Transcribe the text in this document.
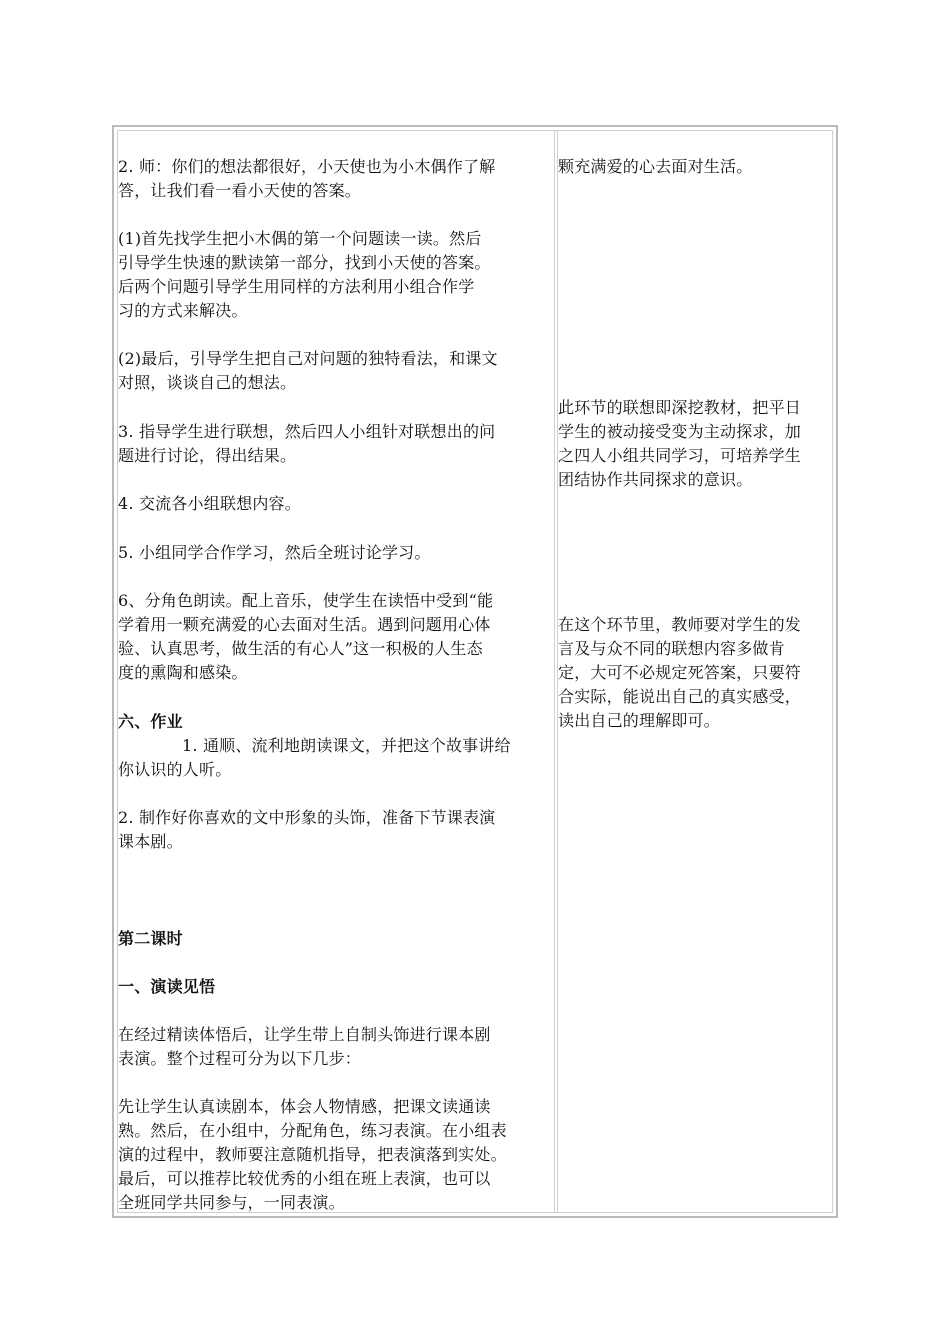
2. 师：你们的想法都很好，小天使也为小木偶作了解

答，让我们看一看小天使的答案。

(1)首先找学生把小木偶的第一个问题读一读。然后

引导学生快速的默读第一部分，找到小天使的答案。

后两个问题引导学生用同样的方法利用小组合作学

习的方式来解决。

(2)最后，引导学生把自己对问题的独特看法，和课文

对照，谈谈自己的想法。

3. 指导学生进行联想，然后四人小组针对联想出的问

题进行讨论，得出结果。

4. 交流各小组联想内容。

5. 小组同学合作学习，然后全班讨论学习。

6、分角色朗读。配上音乐，使学生在读悟中受到“能

学着用一颗充满爱的心去面对生活。遇到问题用心体

验、认真思考，做生活的有心人”这一积极的人生态

度的熏陶和感染。

六、作业

1. 通顺、流利地朗读课文，并把这个故事讲给

你认识的人听。

2. 制作好你喜欢的文中形象的头饰，准备下节课表演

课本剧。

第二课时

一、演读见悟

在经过精读体悟后，让学生带上自制头饰进行课本剧

表演。整个过程可分为以下几步：

先让学生认真读剧本，体会人物情感，把课文读通读

熟。然后，在小组中，分配角色，练习表演。在小组表

演的过程中，教师要注意随机指导，把表演落到实处。

最后，可以推荐比较优秀的小组在班上表演，也可以

全班同学共同参与，一同表演。

颗充满爱的心去面对生活。

此环节的联想即深挖教材，把平日

学生的被动接受变为主动探求，加

之四人小组共同学习，可培养学生

团结协作共同探求的意识。

在这个环节里，教师要对学生的发

言及与众不同的联想内容多做肯

定，大可不必规定死答案，只要符

合实际，能说出自己的真实感受，

读出自己的理解即可。
